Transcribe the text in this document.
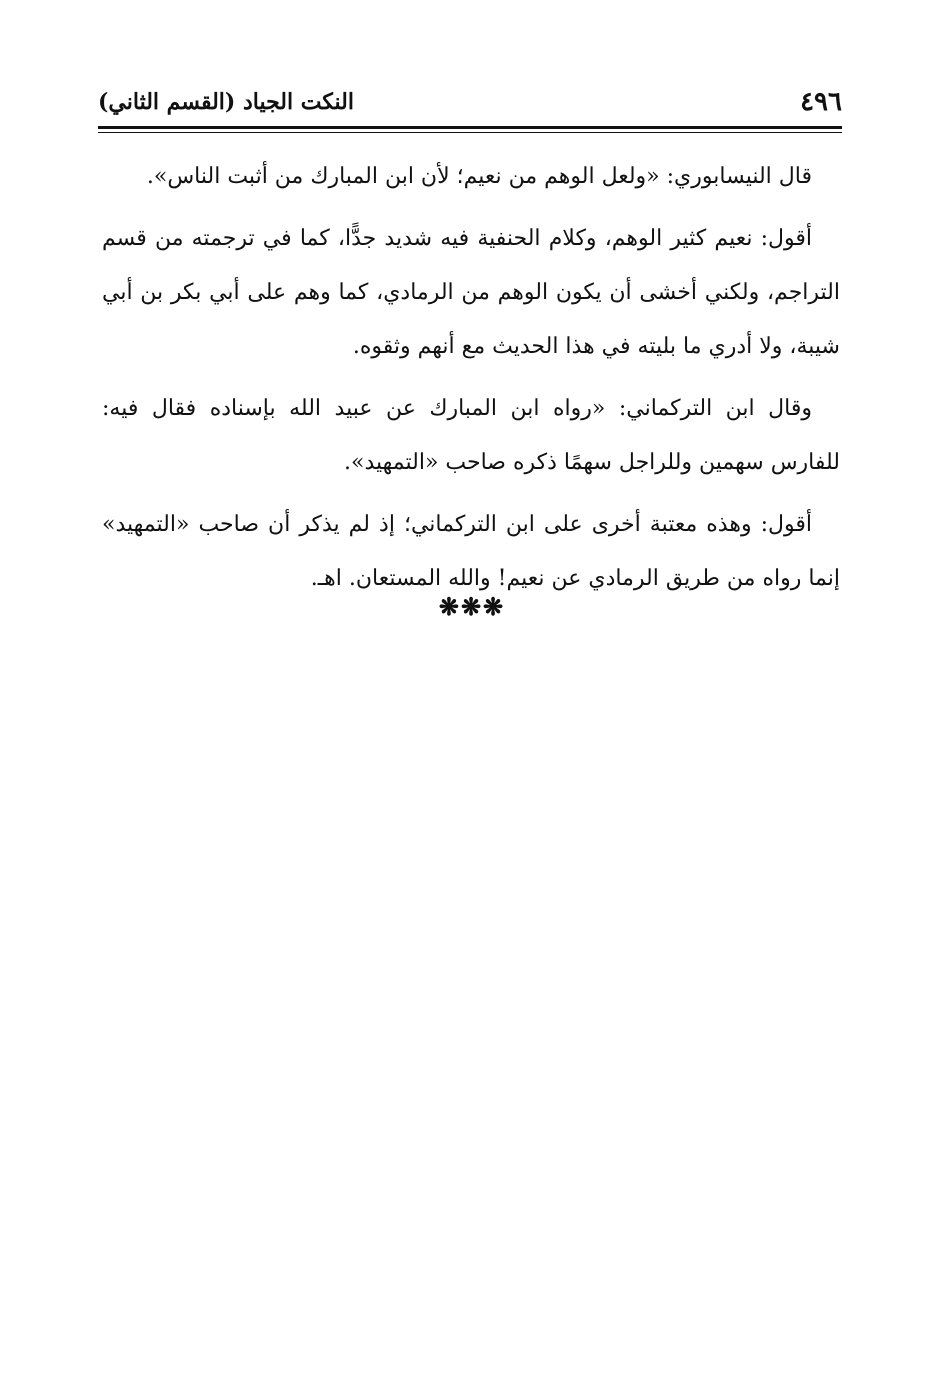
٤٩٦
النكت الجياد (القسم الثاني)

قال النيسابوري: «ولعل الوهم من نعيم؛ لأن ابن المبارك من أثبت الناس».

أقول: نعيم كثير الوهم، وكلام الحنفية فيه شديد جدًّا، كما في ترجمته من قسم التراجم، ولكني أخشى أن يكون الوهم من الرمادي، كما وهم على أبي بكر بن أبي شيبة، ولا أدري ما بليته في هذا الحديث مع أنهم وثقوه.

وقال ابن التركماني: «رواه ابن المبارك عن عبيد الله بإسناده فقال فيه: للفارس سهمين وللراجل سهمًا ذكره صاحب «التمهيد».

أقول: وهذه معتبة أخرى على ابن التركماني؛ إذ لم يذكر أن صاحب «التمهيد» إنما رواه من طريق الرمادي عن نعيم! والله المستعان. اهـ.

❋❋❋
